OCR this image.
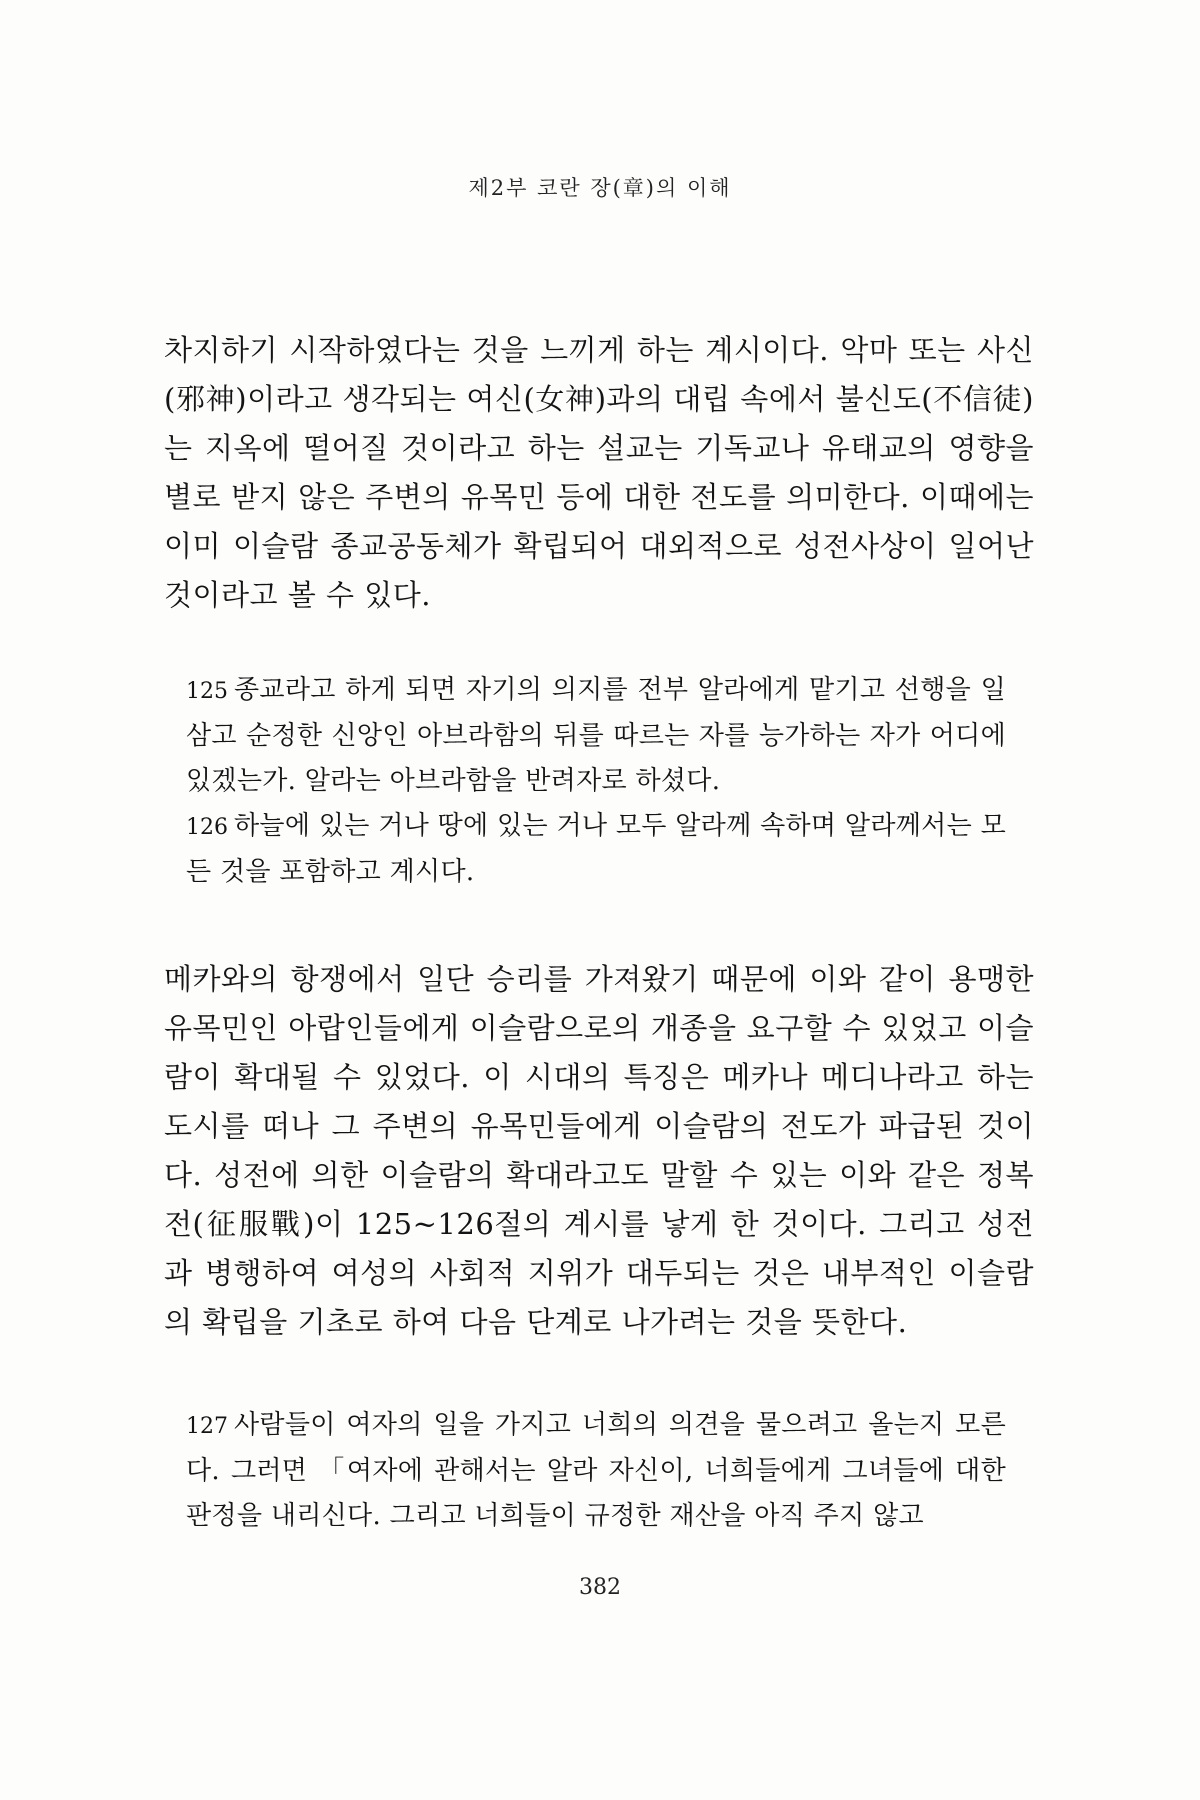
제2부 코란 장(章)의 이해

차지하기 시작하였다는 것을 느끼게 하는 계시이다. 악마 또는 사신(邪神)이라고 생각되는 여신(女神)과의 대립 속에서 불신도(不信徒)는 지옥에 떨어질 것이라고 하는 설교는 기독교나 유태교의 영향을 별로 받지 않은 주변의 유목민 등에 대한 전도를 의미한다. 이때에는 이미 이슬람 종교공동체가 확립되어 대외적으로 성전사상이 일어난 것이라고 볼 수 있다.

125 종교라고 하게 되면 자기의 의지를 전부 알라에게 맡기고 선행을 일삼고 순정한 신앙인 아브라함의 뒤를 따르는 자를 능가하는 자가 어디에 있겠는가. 알라는 아브라함을 반려자로 하셨다.
126 하늘에 있는 거나 땅에 있는 거나 모두 알라께 속하며 알라께서는 모든 것을 포함하고 계시다.

메카와의 항쟁에서 일단 승리를 가져왔기 때문에 이와 같이 용맹한 유목민인 아랍인들에게 이슬람으로의 개종을 요구할 수 있었고 이슬람이 확대될 수 있었다. 이 시대의 특징은 메카나 메디나라고 하는 도시를 떠나 그 주변의 유목민들에게 이슬람의 전도가 파급된 것이다. 성전에 의한 이슬람의 확대라고도 말할 수 있는 이와 같은 정복전(征服戰)이 125~126절의 계시를 낳게 한 것이다. 그리고 성전과 병행하여 여성의 사회적 지위가 대두되는 것은 내부적인 이슬람의 확립을 기초로 하여 다음 단계로 나가려는 것을 뜻한다.

127 사람들이 여자의 일을 가지고 너희의 의견을 물으려고 올는지 모른다. 그러면 「여자에 관해서는 알라 자신이, 너희들에게 그녀들에 대한 판정을 내리신다. 그리고 너희들이 규정한 재산을 아직 주지 않고
382
